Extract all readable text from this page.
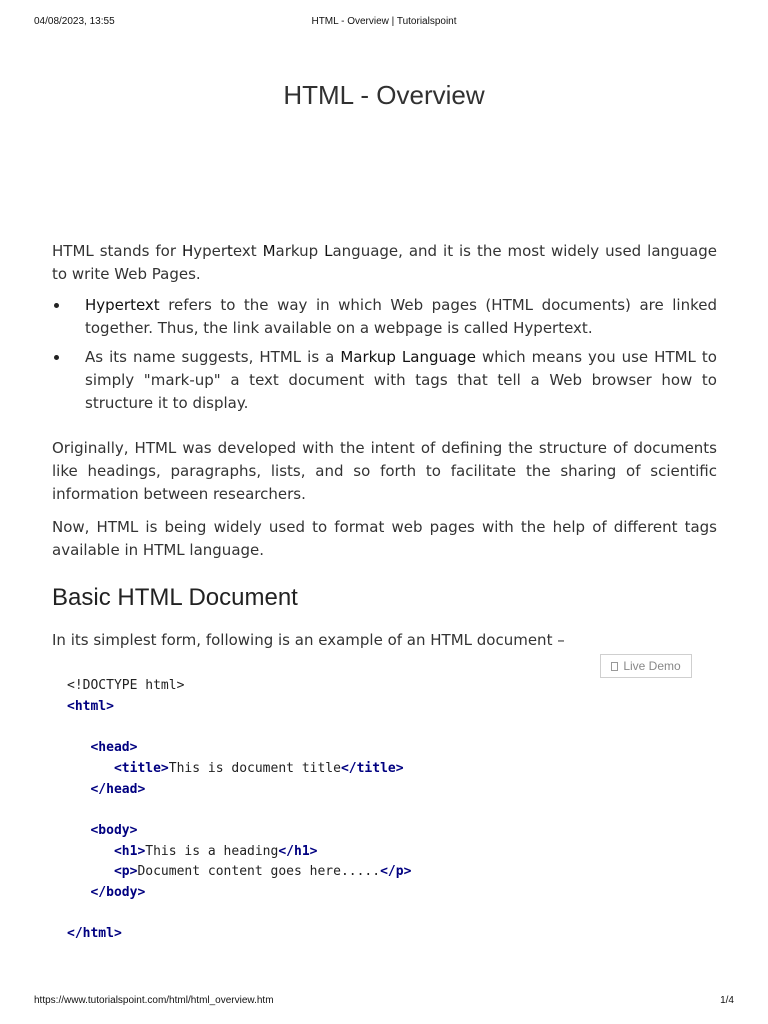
04/08/2023, 13:55	HTML - Overview | Tutorialspoint
HTML - Overview

HTML stands for Hypertext Markup Language, and it is the most widely used language to write Web Pages.

Hypertext refers to the way in which Web pages (HTML documents) are linked together. Thus, the link available on a webpage is called Hypertext.
As its name suggests, HTML is a Markup Language which means you use HTML to simply "mark-up" a text document with tags that tell a Web browser how to structure it to display.

Originally, HTML was developed with the intent of defining the structure of documents like headings, paragraphs, lists, and so forth to facilitate the sharing of scientific information between researchers.

Now, HTML is being widely used to format web pages with the help of different tags available in HTML language.

Basic HTML Document

In its simplest form, following is an example of an HTML document –

Live Demo
<!DOCTYPE html>
<html>

<head>
<title>This is document title</title>
</head>

<body>
<h1>This is a heading</h1>
<p>Document content goes here.....</p>
</body>

</html>
https://www.tutorialspoint.com/html/html_overview.htm	1/4
